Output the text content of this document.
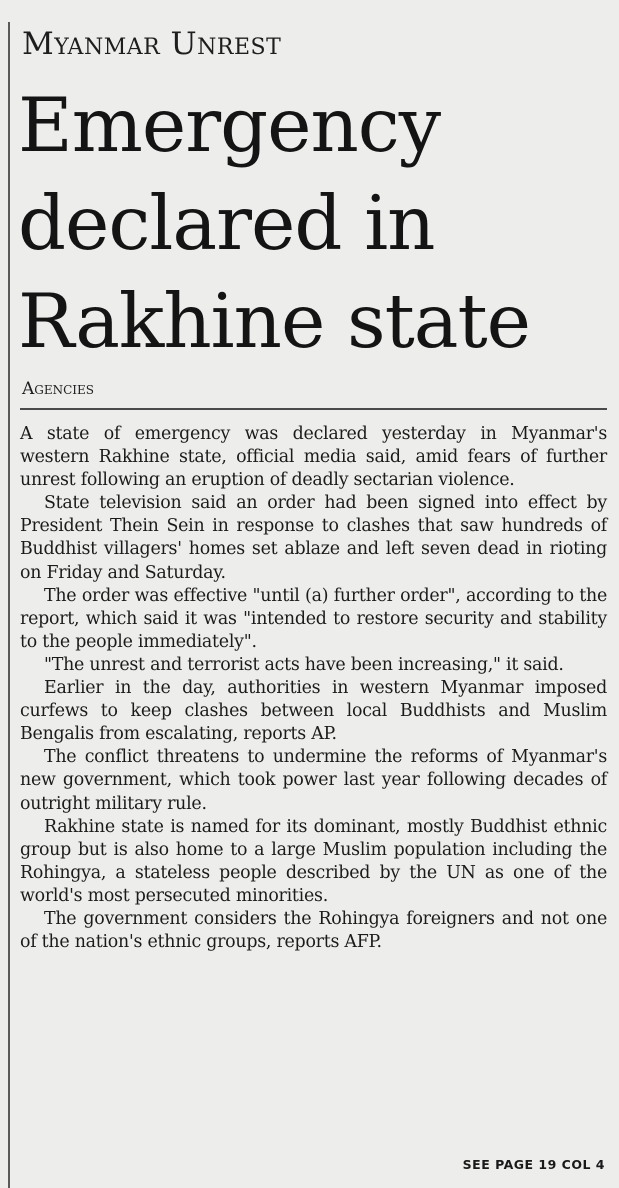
Myanmar Unrest
Emergency
declared in
Rakhine state
Agencies

A state of emergency was declared yesterday in Myanmar's western Rakhine state, official media said, amid fears of further unrest following an eruption of deadly sectarian violence.

State television said an order had been signed into effect by President Thein Sein in response to clashes that saw hundreds of Buddhist villagers' homes set ablaze and left seven dead in rioting on Friday and Saturday.

The order was effective "until (a) further order", according to the report, which said it was "intended to restore security and stability to the people immediately".

"The unrest and terrorist acts have been increasing," it said.

Earlier in the day, authorities in western Myanmar imposed curfews to keep clashes between local Buddhists and Muslim Bengalis from escalating, reports AP.

The conflict threatens to undermine the reforms of Myanmar's new government, which took power last year following decades of outright military rule.

Rakhine state is named for its dominant, mostly Buddhist ethnic group but is also home to a large Muslim population including the Rohingya, a stateless people described by the UN as one of the world's most persecuted minorities.

The government considers the Rohingya foreigners and not one of the nation's ethnic groups, reports AFP.

SEE PAGE 19 COL 4
